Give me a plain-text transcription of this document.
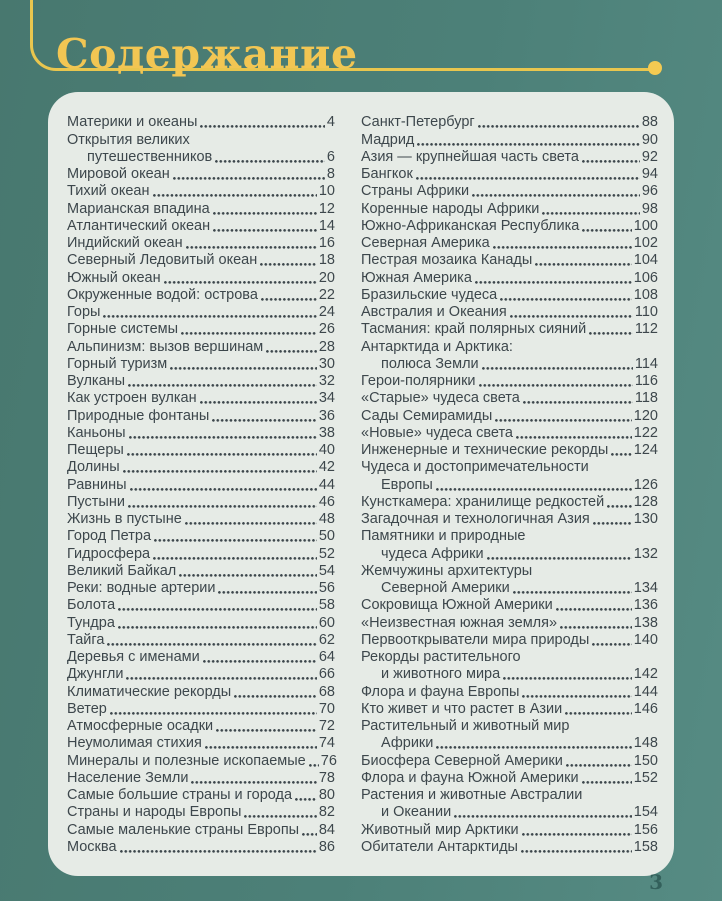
Содержание
Материки и океаны	4
Открытия великих
путешественников	6
Мировой океан	8
Тихий океан	10
Марианская впадина	12
Атлантический океан	14
Индийский океан	16
Северный Ледовитый океан	18
Южный океан	20
Окруженные водой: острова	22
Горы	24
Горные системы	26
Альпинизм: вызов вершинам	28
Горный туризм	30
Вулканы	32
Как устроен вулкан	34
Природные фонтаны	36
Каньоны	38
Пещеры	40
Долины	42
Равнины	44
Пустыни	46
Жизнь в пустыне	48
Город Петра	50
Гидросфера	52
Великий Байкал	54
Реки: водные артерии	56
Болота	58
Тундра	60
Тайга	62
Деревья с именами	64
Джунгли	66
Климатические рекорды	68
Ветер	70
Атмосферные осадки	72
Неумолимая стихия	74
Минералы и полезные ископаемые 76
Население Земли	78
Самые большие страны и города 80
Страны и народы Европы	82
Самые маленькие страны Европы 84
Москва	86
Санкт-Петербург	88
Мадрид	90
Азия — крупнейшая часть света	92
Бангкок	94
Страны Африки	96
Коренные народы Африки	98
Южно-Африканская Республика	100
Северная Америка	102
Пестрая мозаика Канады	104
Южная Америка	106
Бразильские чудеса	108
Австралия и Океания	110
Тасмания: край полярных сияний	112
Антарктида и Арктика:
полюса Земли	114
Герои-полярники	116
«Старые» чудеса света	118
Сады Семирамиды	120
«Новые» чудеса света	122
Инженерные и технические рекорды 124
Чудеса и достопримечательности
Европы	126
Кунсткамера: хранилище редкостей 128
Загадочная и технологичная Азия	130
Памятники и природные
чудеса Африки	132
Жемчужины архитектуры
Северной Америки	134
Сокровища Южной Америки	136
«Неизвестная южная земля»	138
Первооткрыватели мира природы	140
Рекорды растительного
и животного мира	142
Флора и фауна Европы	144
Кто живет и что растет в Азии	146
Растительный и животный мир
Африки	148
Биосфера Северной Америки	150
Флора и фауна Южной Америки	152
Растения и животные Австралии
и Океании	154
Животный мир Арктики	156
Обитатели Антарктиды	158
3
